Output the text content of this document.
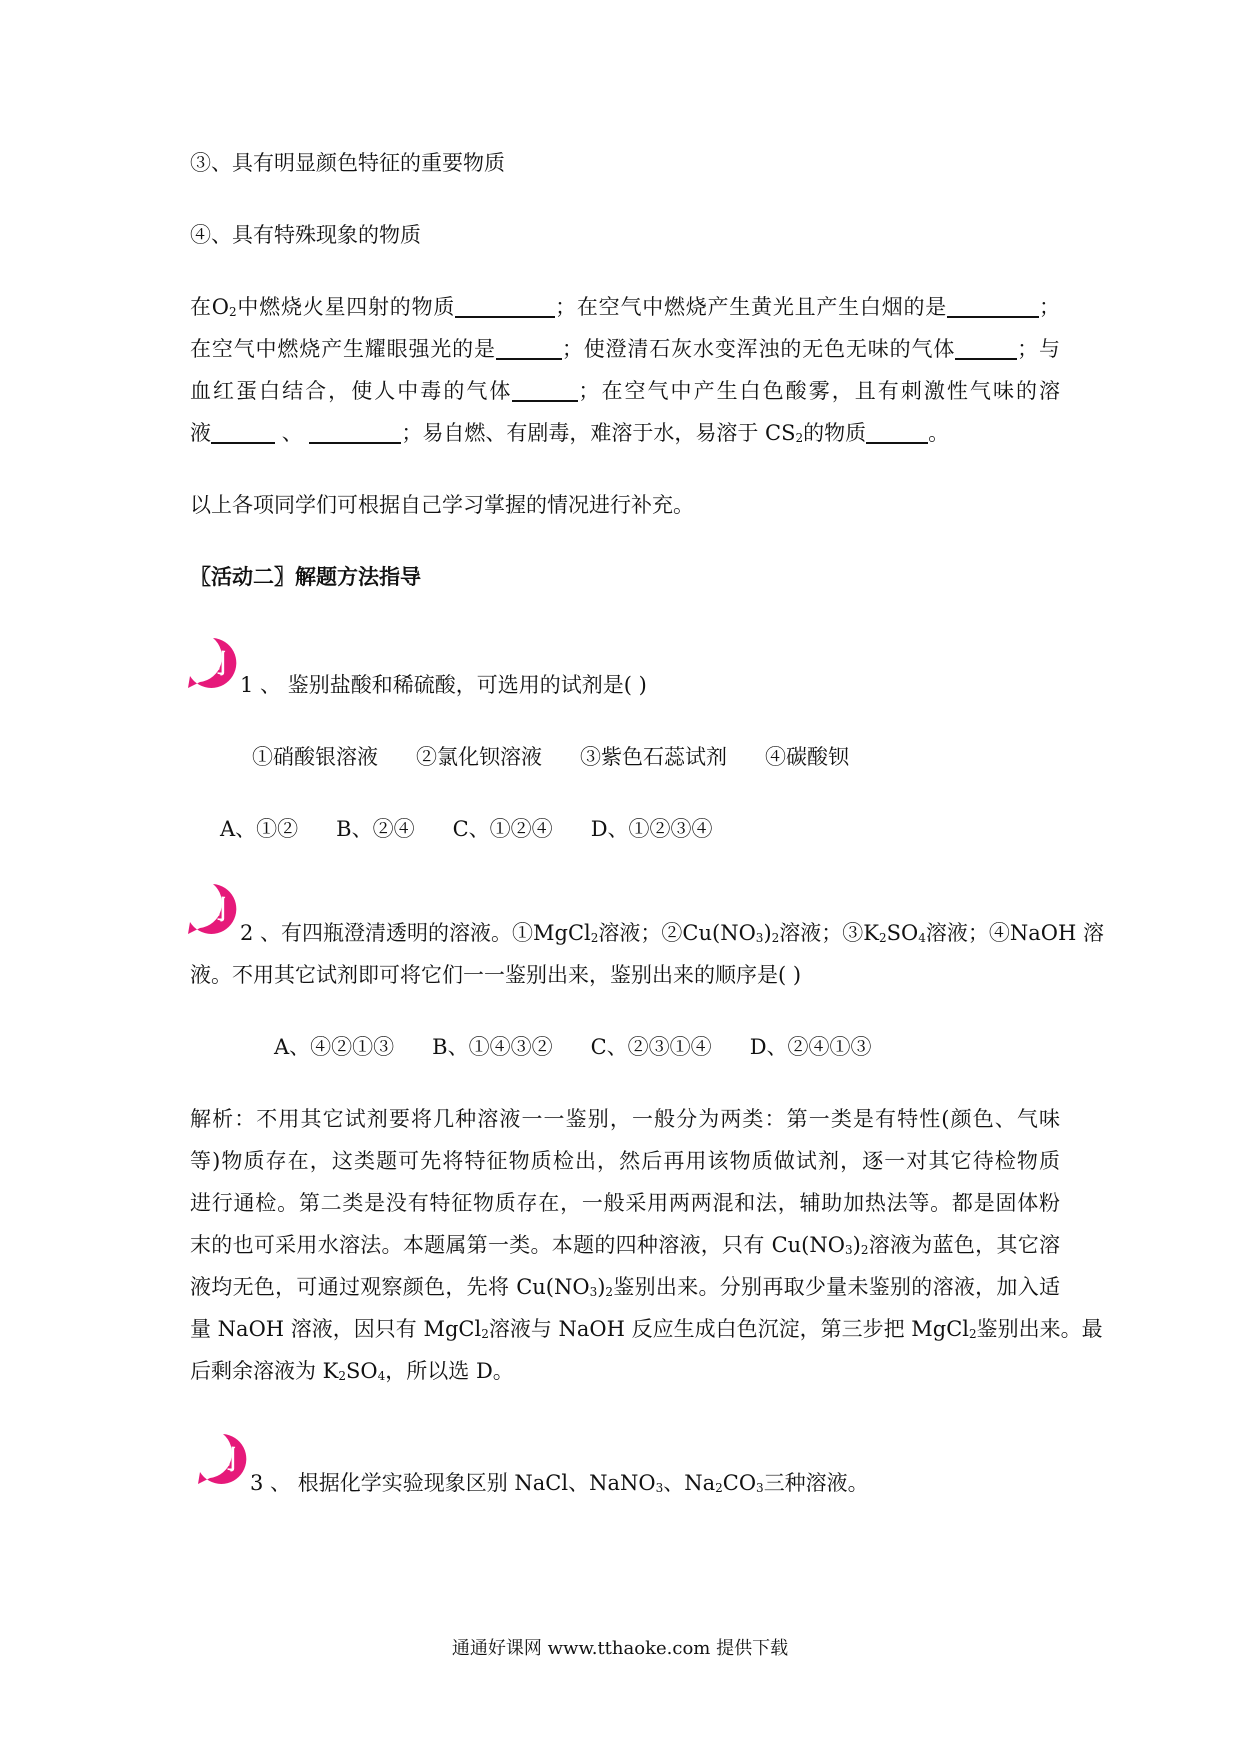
③、具有明显颜色特征的重要物质
④、具有特殊现象的物质
在$O_2$中燃烧火星四射的物质	；在空气中燃烧产生黄光且产生白烟的是	；
在空气中燃烧产生耀眼强光的是	；使澄清石灰水变浑浊的无色无味的气体	；与
血红蛋白结合，使人中毒的气体	；在空气中产生白色酸雾，且有刺激性气味的溶
液	、	；易自燃、有剧毒，难溶于水，易溶于 $CS_2$的物质	。
以上各项同学们可根据自己学习掌握的情况进行补充。
〖活动二〗解题方法指导
例
1 、 鉴别盐酸和稀硫酸，可选用的试剂是( )
①硝酸银溶液 ②氯化钡溶液 ③紫色石蕊试剂 ④碳酸钡
A、①② B、②④ C、①②④ D、①②③④
例
2 、有四瓶澄清透明的溶液。①MgCl$_2$溶液；$②Cu(NO_3)_2$溶液；$③K_2SO_4$溶液；④NaOH 溶
液。不用其它试剂即可将它们一一鉴别出来，鉴别出来的顺序是( )
A、④②①③ B、①④③② C、②③①④ D、②④①③
解析：不用其它试剂要将几种溶液一一鉴别，一般分为两类：第一类是有特性(颜色、气味
等)物质存在，这类题可先将特征物质检出，然后再用该物质做试剂，逐一对其它待检物质
进行通检。第二类是没有特征物质存在，一般采用两两混和法，辅助加热法等。都是固体粉
末的也可采用水溶法。本题属第一类。本题的四种溶液，只有 $Cu(NO_3)_2$溶液为蓝色，其它溶
液均无色，可通过观察颜色，先将 $Cu(NO_3)_2$鉴别出来。分别再取少量未鉴别的溶液，加入适
量 NaOH 溶液，因只有 MgCl$_2$溶液与 NaOH 反应生成白色沉淀，第三步把 MgCl$_2$鉴别出来。最
后剩余溶液为 $K_2SO_4$，所以选 D。
例
3 、 根据化学实验现象区别 NaCl、NaNO$_3$、$Na_2CO_3$三种溶液。
通通好课网 www.tthaoke.com 提供下载
